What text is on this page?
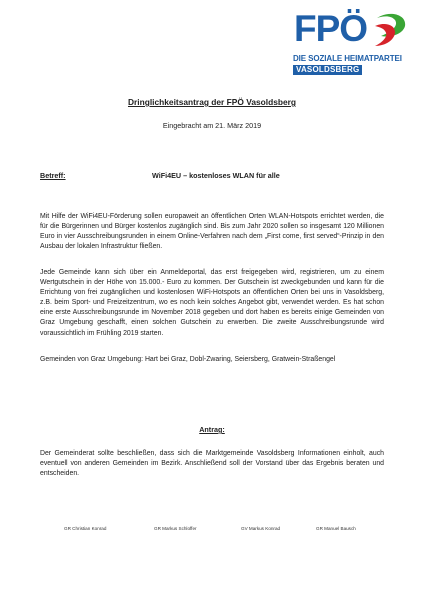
FPÖ
DIE SOZIALE HEIMATPARTEI
VASOLDSBERG
Dringlichkeitsantrag der FPÖ Vasoldsberg
Eingebracht am 21. März 2019
Betreff:	WiFi4EU – kostenloses WLAN für alle
Mit Hilfe der WiFi4EU-Förderung sollen europaweit an öffentlichen Orten WLAN-Hotspots errichtet werden, die für die Bürgerinnen und Bürger kostenlos zugänglich sind. Bis zum Jahr 2020 sollen so insgesamt 120 Millionen Euro in vier Ausschreibungsrunden in einem Online-Verfahren nach dem „First come, first served“-Prinzip in den Ausbau der lokalen Infrastruktur fließen.
Jede Gemeinde kann sich über ein Anmeldeportal, das erst freigegeben wird, registrieren, um zu einem Wertgutschein in der Höhe von 15.000.- Euro zu kommen. Der Gutschein ist zweckgebunden und kann für die Errichtung von frei zugänglichen und kostenlosen WiFi-Hotspots an öffentlichen Orten bei uns in Vasoldsberg, z.B. beim Sport- und Freizeitzentrum, wo es noch kein solches Angebot gibt, verwendet werden. Es hat schon eine erste Ausschreibungsrunde im November 2018 gegeben und dort haben es bereits einige Gemeinden von Graz Umgebung geschafft, einen solchen Gutschein zu erwerben. Die zweite Ausschreibungsrunde wird voraussichtlich im Frühling 2019 starten.
Gemeinden von Graz Umgebung: Hart bei Graz, Dobl-Zwaring, Seiersberg, Gratwein-Straßengel
Antrag:
Der Gemeinderat sollte beschließen, dass sich die Marktgemeinde Vasoldsberg Informationen einholt, auch eventuell von anderen Gemeinden im Bezirk. Anschließend soll der Vorstand über das Ergebnis beraten und entscheiden.
GR Christian Konrad	GR Markus Schloffer	GV Markus Konrad	GR Manuel Bausch
